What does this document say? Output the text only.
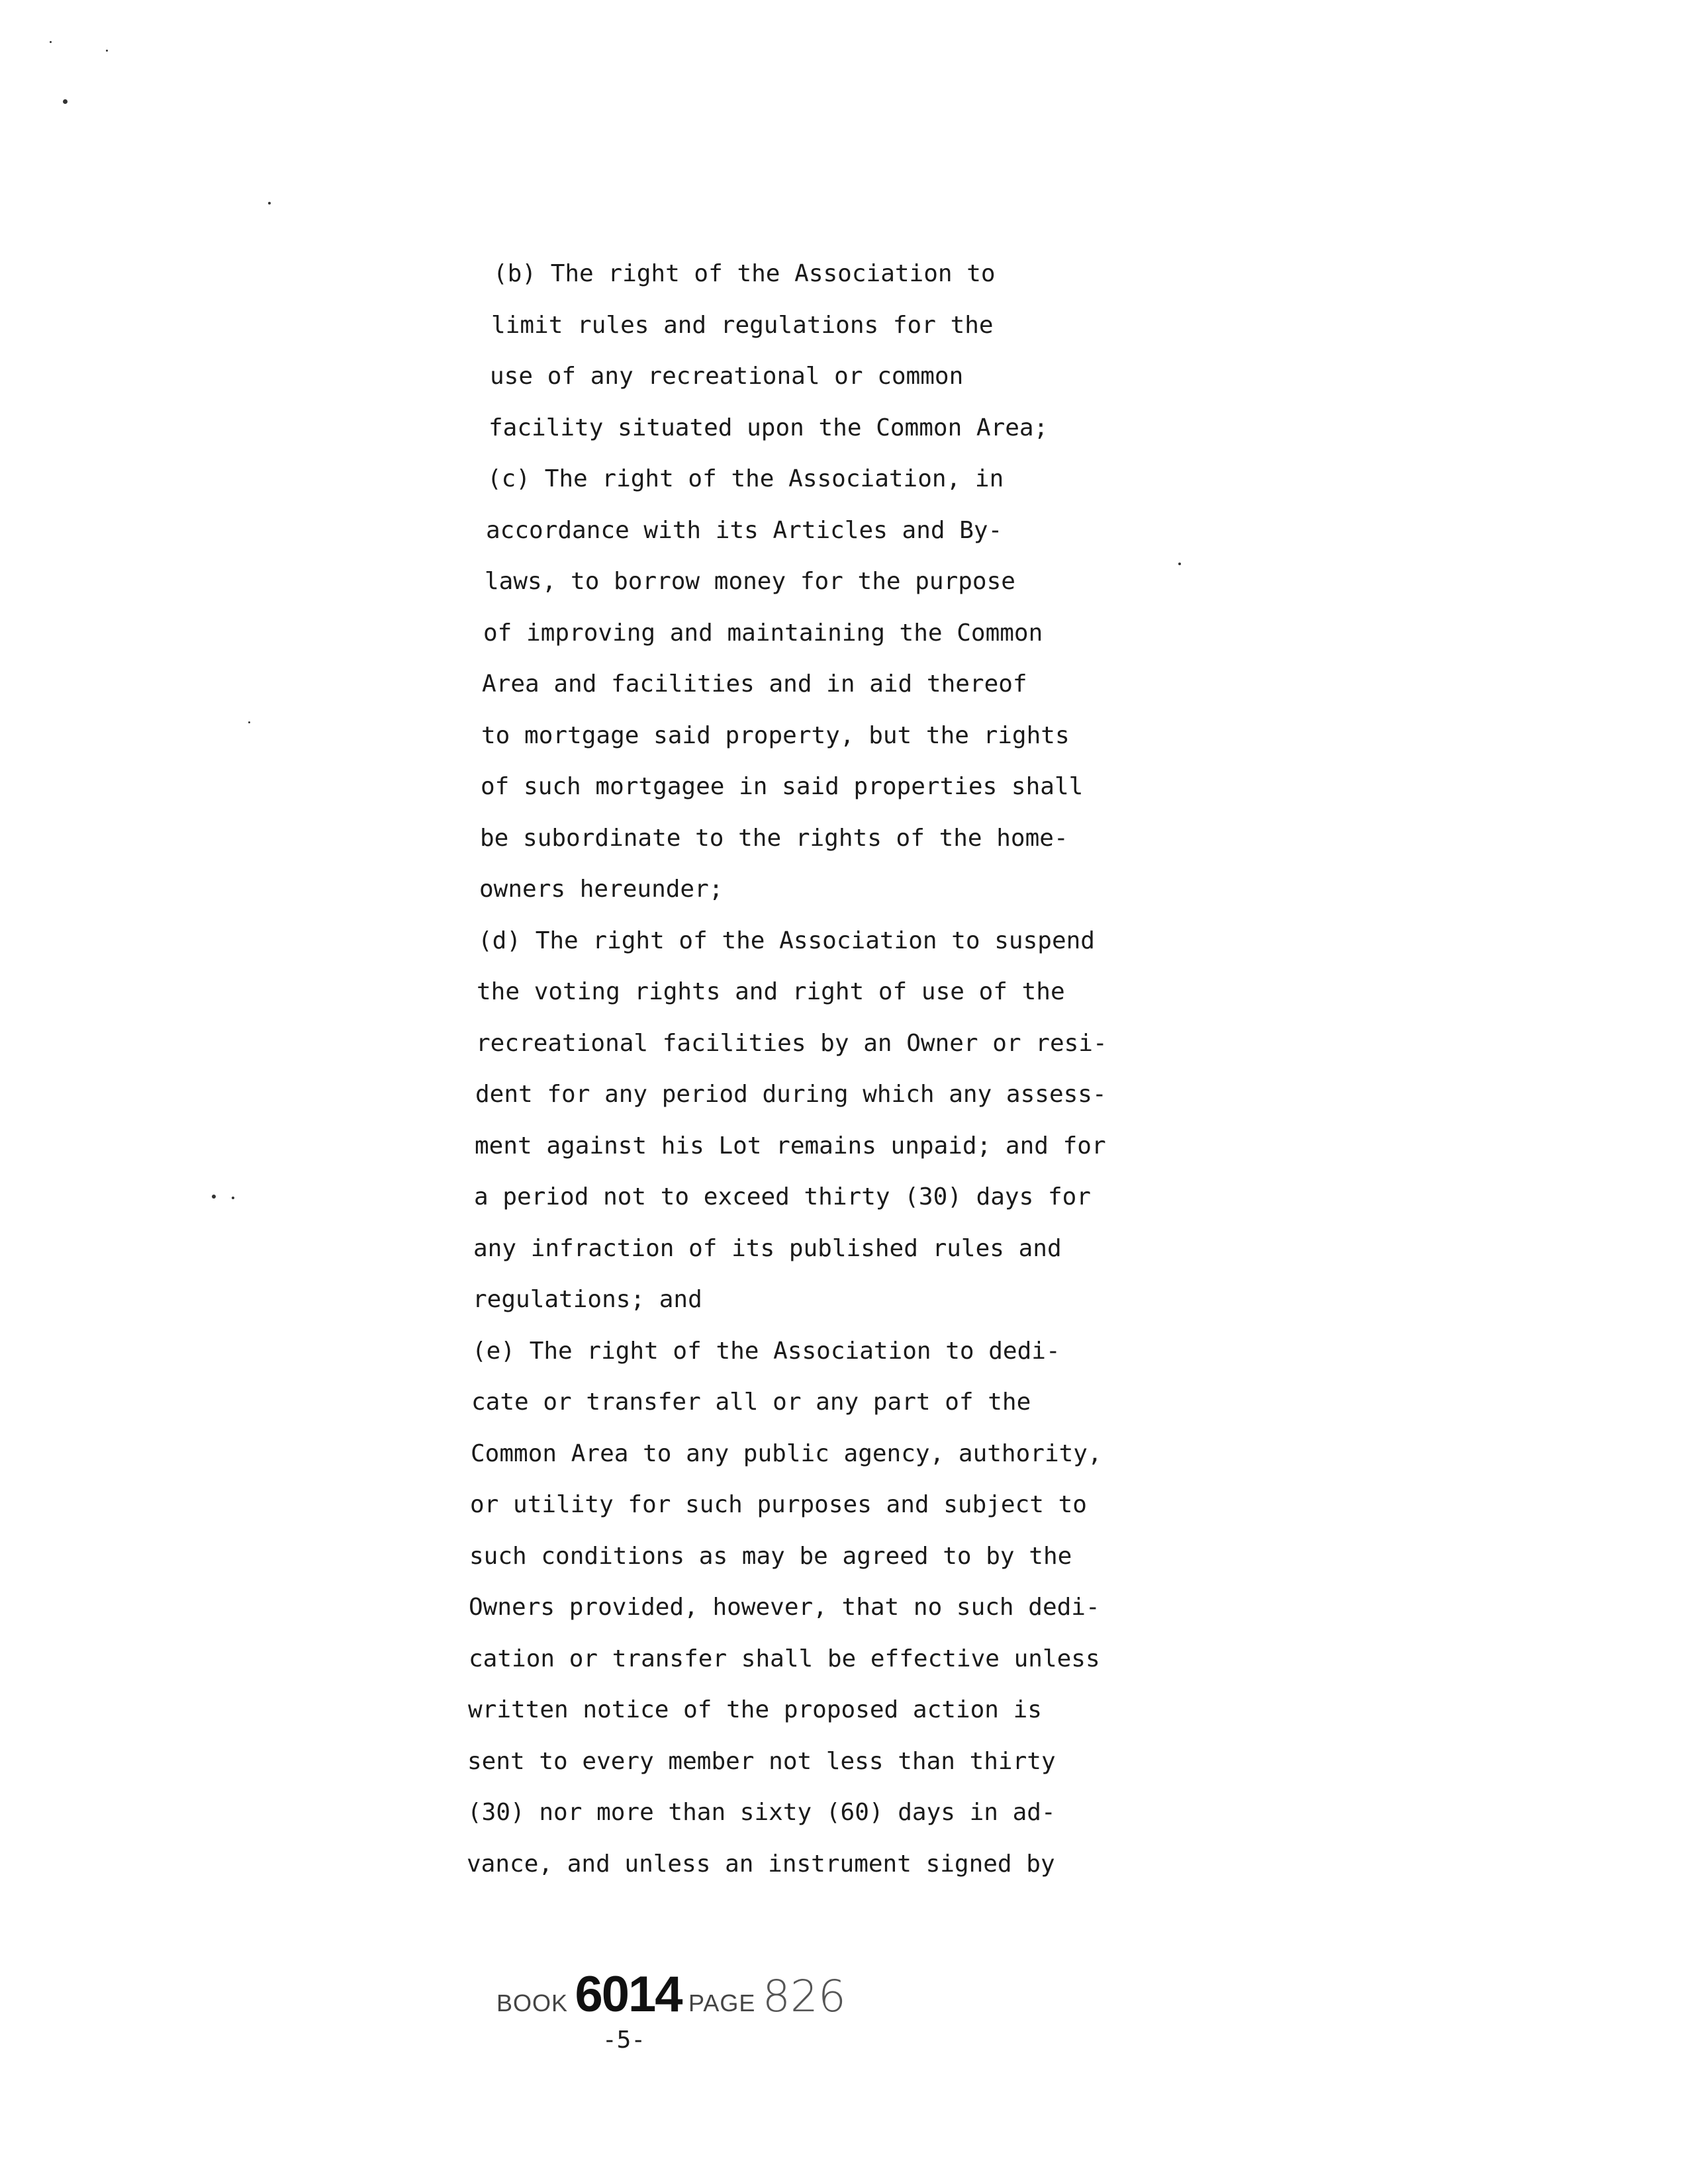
(b) The right of the Association to
limit rules and regulations for the
use of any recreational or common
facility situated upon the Common Area;
(c) The right of the Association, in
accordance with its Articles and By-
laws, to borrow money for the purpose
of improving and maintaining the Common
Area and facilities and in aid thereof
to mortgage said property, but the rights
of such mortgagee in said properties shall
be subordinate to the rights of the home-
owners hereunder;
(d) The right of the Association to suspend
the voting rights and right of use of the
recreational facilities by an Owner or resi-
dent for any period during which any assess-
ment against his Lot remains unpaid; and for
a period not to exceed thirty (30) days for
any infraction of its published rules and
regulations; and
(e) The right of the Association to dedi-
cate or transfer all or any part of the
Common Area to any public agency, authority,
or utility for such purposes and subject to
such conditions as may be agreed to by the
Owners provided, however, that no such dedi-
cation or transfer shall be effective unless
written notice of the proposed action is
sent to every member not less than thirty
(30) nor more than sixty (60) days in ad-
vance, and unless an instrument signed by
BOOK 6014 PAGE 826
-5-
